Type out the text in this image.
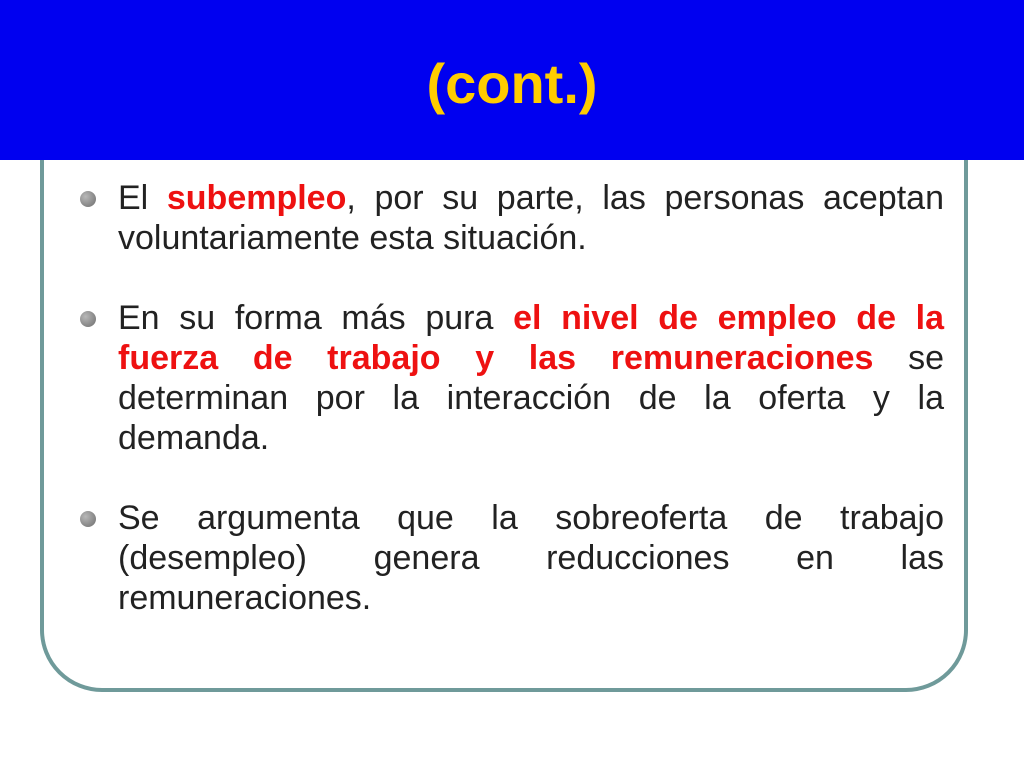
(cont.)
El subempleo, por su parte, las personas aceptan voluntariamente esta situación.
En su forma más pura el nivel de empleo de la fuerza de trabajo y las remuneraciones se determinan por la interacción de la oferta y la demanda.
Se argumenta que la sobreoferta de trabajo (desempleo) genera reducciones en las remuneraciones.
